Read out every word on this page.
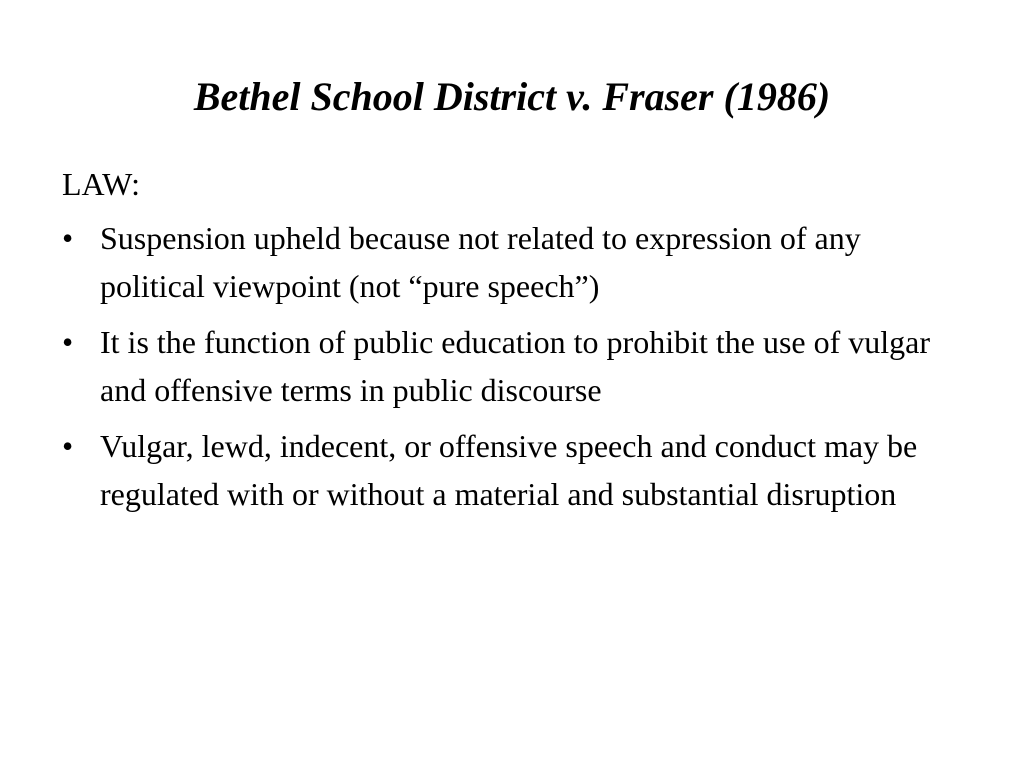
Bethel School District v. Fraser (1986)
LAW:
• Suspension upheld because not related to expression of any political viewpoint (not “pure speech”)
• It is the function of public education to prohibit the use of vulgar and offensive terms in public discourse
• Vulgar, lewd, indecent, or offensive speech and conduct may be regulated with or without a material and substantial disruption
